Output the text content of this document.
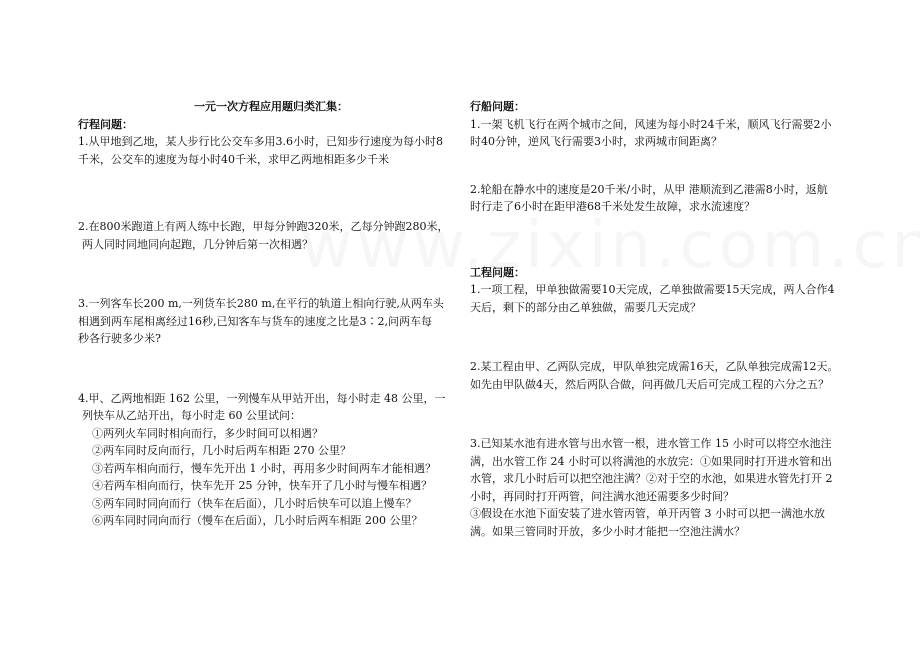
一元一次方程应用题归类汇集：

行程问题：

1.从甲地到乙地，某人步行比公交车多用3.6小时，已知步行速度为每小时8

千米，公交车的速度为每小时40千米，求甲乙两地相距多少千米

2.在800米跑道上有两人练中长跑，甲每分钟跑320米，乙每分钟跑280米，

两人同时同地同向起跑，几分钟后第一次相遇？

3.一列客车长200 m,一列货车长280 m,在平行的轨道上相向行驶,从两车头

相遇到两车尾相离经过16秒,已知客车与货车的速度之比是3∶2,问两车每

秒各行驶多少米?

4.甲、乙两地相距 162 公里，一列慢车从甲站开出，每小时走 48 公里，一

列快车从乙站开出，每小时走 60 公里试问：

①两列火车同时相向而行，多少时间可以相遇？

②两车同时反向而行，几小时后两车相距 270 公里？

③若两车相向而行，慢车先开出 1 小时，再用多少时间两车才能相遇？

④若两车相向而行，快车先开 25 分钟，快车开了几小时与慢车相遇？

⑤两车同时同向而行（快车在后面），几小时后快车可以追上慢车？

⑥两车同时同向而行（慢车在后面），几小时后两车相距 200 公里？

行船问题：

1.一架飞机飞行在两个城市之间，风速为每小时24千米，顺风飞行需要2小

时40分钟，逆风飞行需要3小时，求两城市间距离？

2.轮船在静水中的速度是20千米/小时，从甲 港顺流到乙港需8小时，返航

时行走了6小时在距甲港68千米处发生故障，求水流速度？

工程问题：

1.一项工程，甲单独做需要10天完成，乙单独做需要15天完成，两人合作4

天后，剩下的部分由乙单独做，需要几天完成？

2.某工程由甲、乙两队完成，甲队单独完成需16天，乙队单独完成需12天。

如先由甲队做4天，然后两队合做，问再做几天后可完成工程的六分之五？

3.已知某水池有进水管与出水管一根，进水管工作 15 小时可以将空水池注

满，出水管工作 24 小时可以将满池的水放完：①如果同时打开进水管和出

水管，求几小时后可以把空池注满？②对于空的水池，如果进水管先打开 2

小时，再同时打开两管，问注满水池还需要多少时间？

③假设在水池下面安装了进水管丙管，单开丙管 3 小时可以把一满池水放

满。如果三管同时开放，多少小时才能把一空池注满水？
